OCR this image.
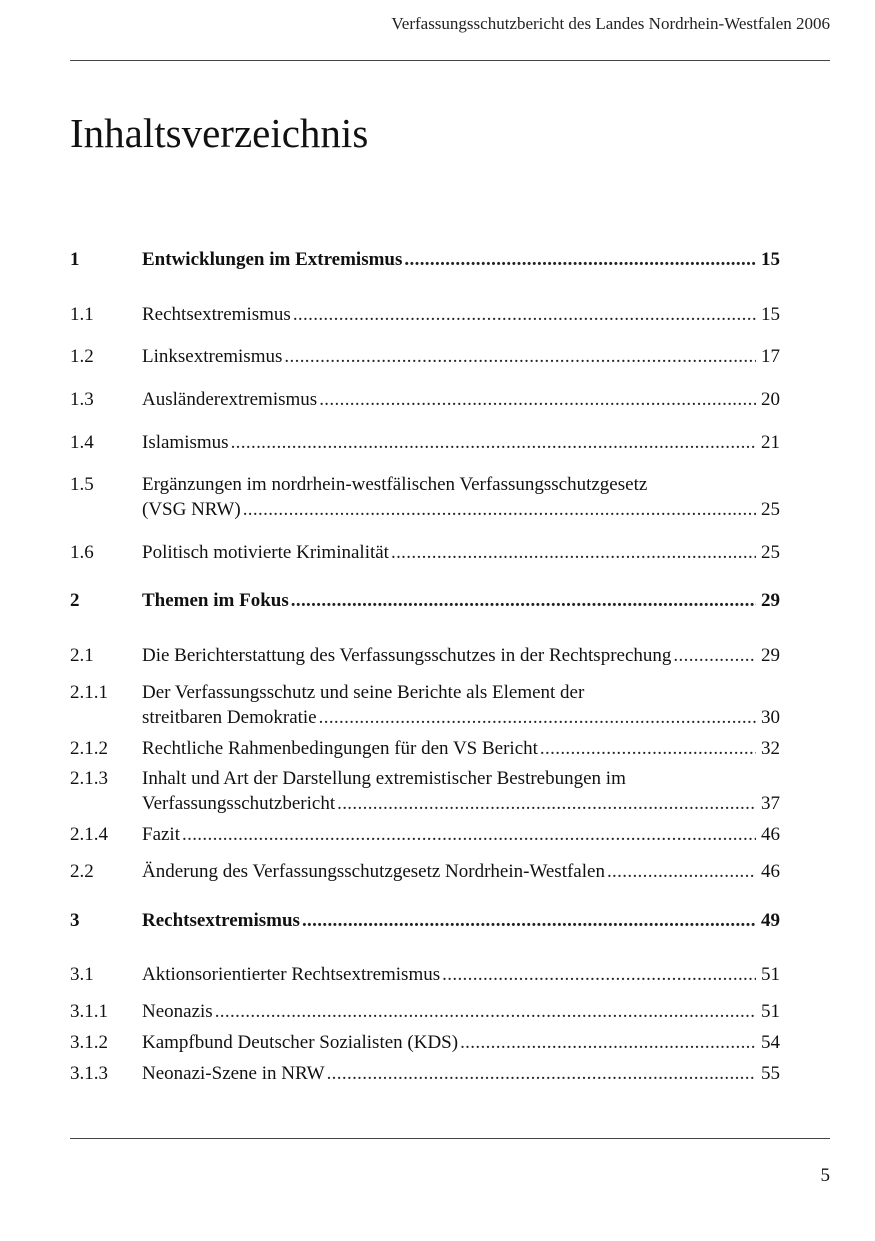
Verfassungsschutzbericht des Landes Nordrhein-Westfalen 2006
Inhaltsverzeichnis
1	Entwicklungen im Extremismus . . .	15
1.1	Rechtsextremismus . . .	15
1.2	Linksextremismus . . .	17
1.3	Ausländerextremismus . . .	20
1.4	Islamismus . . .	21
1.5	Ergänzungen im nordrhein-westfälischen Verfassungsschutzgesetz
(VSG NRW) . . .	25
1.6	Politisch motivierte Kriminalität . . .	25
2	Themen im Fokus . . .	29
2.1	Die Berichterstattung des Verfassungsschutzes in der Rechtsprechung . . .	29
2.1.1 Der Verfassungsschutz und seine Berichte als Element der
streitbaren Demokratie . . .	30
2.1.2 Rechtliche Rahmenbedingungen für den VS Bericht . . .	32
2.1.3 Inhalt und Art der Darstellung extremistischer Bestrebungen im
Verfassungsschutzbericht . . .	37
2.1.4 Fazit . . .	46
2.2	Änderung des Verfassungsschutzgesetz Nordrhein-Westfalen . . .	46
3	Rechtsextremismus . . .	49
3.1	Aktionsorientierter Rechtsextremismus . . .	51
3.1.1 Neonazis . . .	51
3.1.2 Kampfbund Deutscher Sozialisten (KDS) . . .	54
3.1.3 Neonazi-Szene in NRW . . .	55
5
